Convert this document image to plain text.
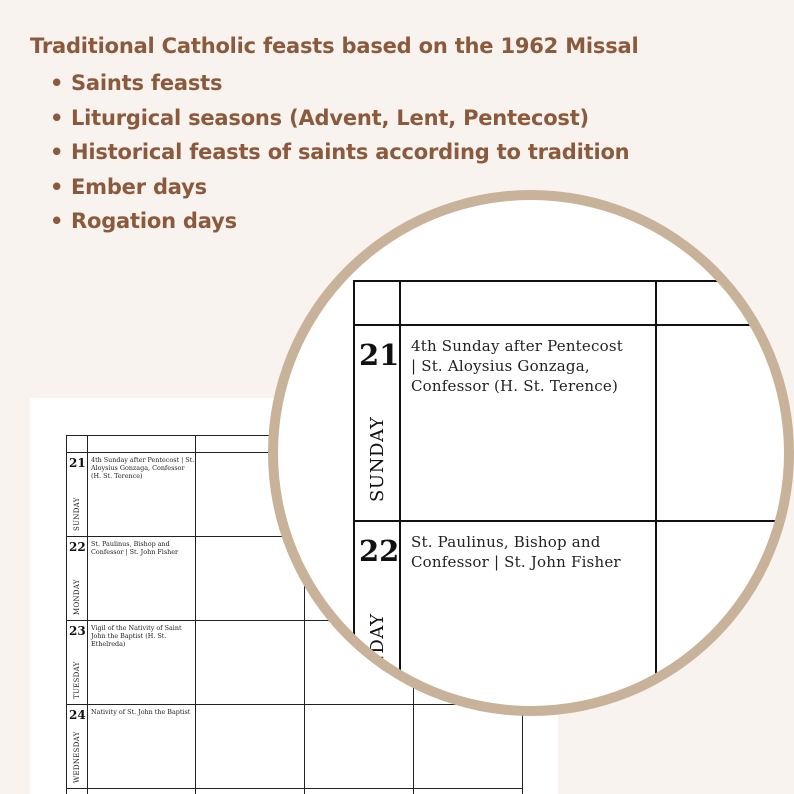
Traditional Catholic feasts based on the 1962 Missal
• Saints feasts
• Liturgical seasons (Advent, Lent, Pentecost)
• Historical feasts of saints according to tradition
• Ember days
• Rogation days
21
SUNDAY
4th Sunday after Pentecost | St. Aloysius Gonzaga, Confessor (H. St. Terence)
22
MONDAY
St. Paulinus, Bishop and Confessor | St. John Fisher
23
TUESDAY
Vigil of the Nativity of Saint John the Baptist (H. St. Ethelreda)
24
WEDNESDAY
Nativity of St. John the Baptist
21
SUNDAY
4th Sunday after Pentecost
| St. Aloysius Gonzaga,
Confessor (H. St. Terence)
22
NDAY
St. Paulinus, Bishop and
Confessor | St. John Fisher
